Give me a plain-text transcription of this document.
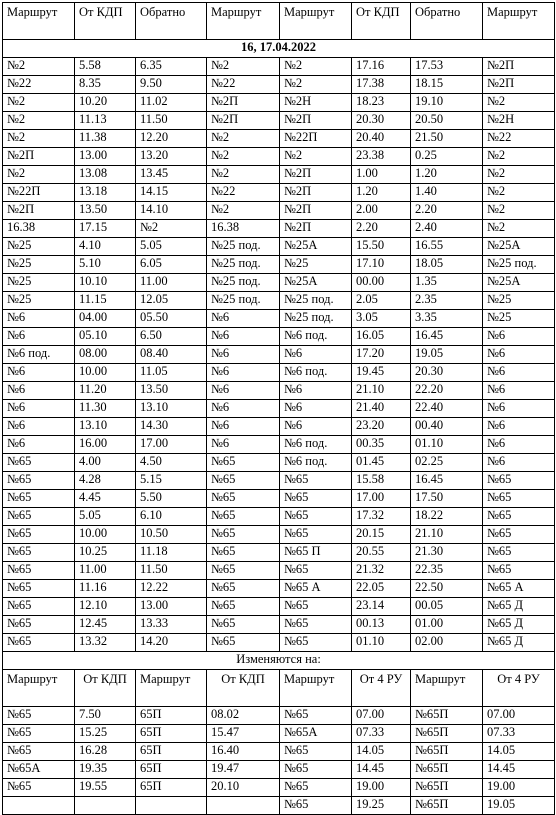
Маршрут	От КДП	Обратно	Маршрут	Маршрут	От КДП	Обратно	Маршрут
16, 17.04.2022							
№2	5.58	6.35	№2	№2	17.16	17.53	№2П
№22	8.35	9.50	№22	№2	17.38	18.15	№2П
№2	10.20	11.02	№2П	№2Н	18.23	19.10	№2
№2	11.13	11.50	№2П	№2П	20.30	20.50	№2Н
№2	11.38	12.20	№2	№22П	20.40	21.50	№22
№2П	13.00	13.20	№2	№2	23.38	0.25	№2
№2	13.08	13.45	№2	№2П	1.00	1.20	№2
№22П	13.18	14.15	№22	№2П	1.20	1.40	№2
№2П	13.50	14.10	№2	№2П	2.00	2.20	№2
16.38	17.15	№2	16.38	№2П	2.20	2.40	№2
№25	4.10	5.05	№25 под.	№25А	15.50	16.55	№25А
№25	5.10	6.05	№25 под.	№25	17.10	18.05	№25 под.
№25	10.10	11.00	№25 под.	№25А	00.00	1.35	№25А
№25	11.15	12.05	№25 под.	№25 под.	2.05	2.35	№25
№6	04.00	05.50	№6	№25 под.	3.05	3.35	№25
№6	05.10	6.50	№6	№6 под.	16.05	16.45	№6
№6 под.	08.00	08.40	№6	№6	17.20	19.05	№6
№6	10.00	11.05	№6	№6 под.	19.45	20.30	№6
№6	11.20	13.50	№6	№6	21.10	22.20	№6
№6	11.30	13.10	№6	№6	21.40	22.40	№6
№6	13.10	14.30	№6	№6	23.20	00.40	№6
№6	16.00	17.00	№6	№6 под.	00.35	01.10	№6
№65	4.00	4.50	№65	№6 под.	01.45	02.25	№6
№65	4.28	5.15	№65	№65	15.58	16.45	№65
№65	4.45	5.50	№65	№65	17.00	17.50	№65
№65	5.05	6.10	№65	№65	17.32	18.22	№65
№65	10.00	10.50	№65	№65	20.15	21.10	№65
№65	10.25	11.18	№65	№65 П	20.55	21.30	№65
№65	11.00	11.50	№65	№65	21.32	22.35	№65
№65	11.16	12.22	№65	№65 А	22.05	22.50	№65 А
№65	12.10	13.00	№65	№65	23.14	00.05	№65 Д
№65	12.45	13.33	№65	№65	00.13	01.00	№65 Д
№65	13.32	14.20	№65	№65	01.10	02.00	№65 Д
Изменяются на:							
Маршрут	От КДП	Маршрут	От КДП	Маршрут	От 4 РУ	Маршрут	От 4 РУ
№65	7.50	65П	08.02	№65	07.00	№65П	07.00
№65	15.25	65П	15.47	№65А	07.33	№65П	07.33
№65	16.28	65П	16.40	№65	14.05	№65П	14.05
№65А	19.35	65П	19.47	№65	14.45	№65П	14.45
№65	19.55	65П	20.10	№65	19.00	№65П	19.00
				№65	19.25	№65П	19.05
